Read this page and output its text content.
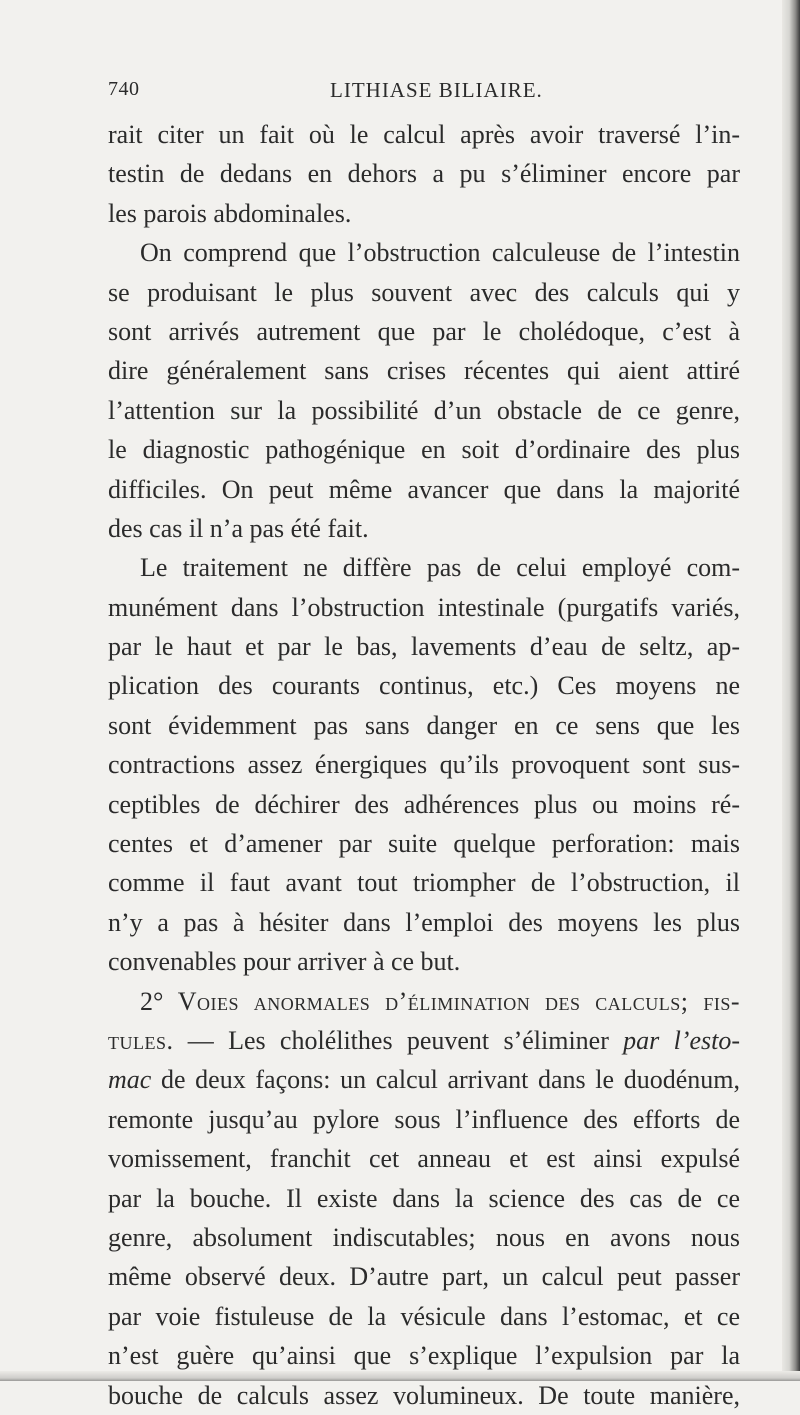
740	LITHIASE BILIAIRE.
rait citer un fait où le calcul après avoir traversé l’in-
testin de dedans en dehors a pu s’éliminer encore par
les parois abdominales.
On comprend que l’obstruction calculeuse de l’intestin
se produisant le plus souvent avec des calculs qui y
sont arrivés autrement que par le cholédoque, c’est à
dire généralement sans crises récentes qui aient attiré
l’attention sur la possibilité d’un obstacle de ce genre,
le diagnostic pathogénique en soit d’ordinaire des plus
difficiles. On peut même avancer que dans la majorité
des cas il n’a pas été fait.
Le traitement ne diffère pas de celui employé com-
munément dans l’obstruction intestinale (purgatifs variés,
par le haut et par le bas, lavements d’eau de seltz, ap-
plication des courants continus, etc.) Ces moyens ne
sont évidemment pas sans danger en ce sens que les
contractions assez énergiques qu’ils provoquent sont sus-
ceptibles de déchirer des adhérences plus ou moins ré-
centes et d’amener par suite quelque perforation: mais
comme il faut avant tout triompher de l’obstruction, il
n’y a pas à hésiter dans l’emploi des moyens les plus
convenables pour arriver à ce but.
2° Voies anormales d’élimination des calculs; fis-
tules. — Les cholélithes peuvent s’éliminer par l’esto-
mac de deux façons: un calcul arrivant dans le duodénum,
remonte jusqu’au pylore sous l’influence des efforts de
vomissement, franchit cet anneau et est ainsi expulsé
par la bouche. Il existe dans la science des cas de ce
genre, absolument indiscutables; nous en avons nous
même observé deux. D’autre part, un calcul peut passer
par voie fistuleuse de la vésicule dans l’estomac, et ce
n’est guère qu’ainsi que s’explique l’expulsion par la
bouche de calculs assez volumineux. De toute manière,
